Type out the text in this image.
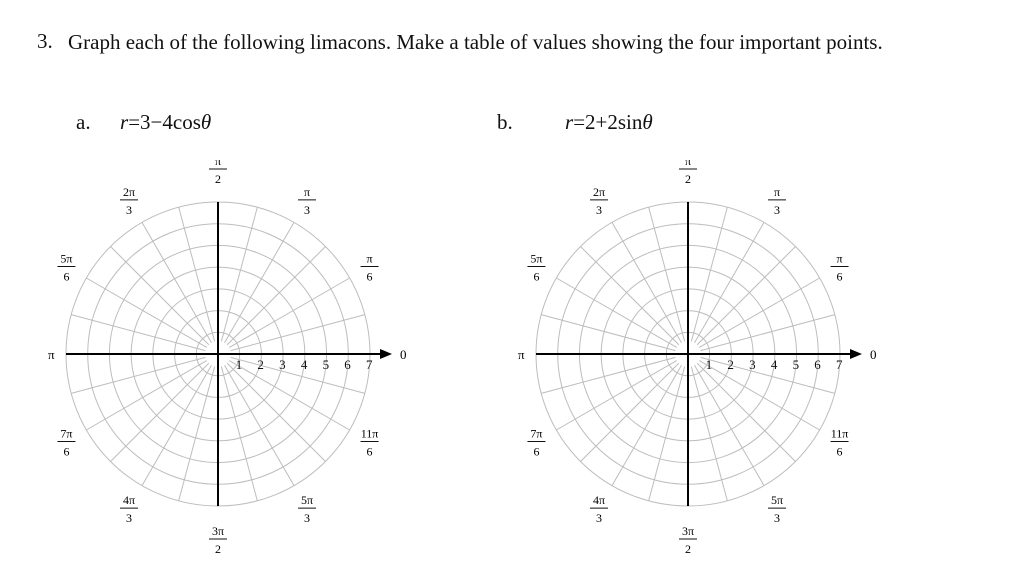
3. Graph each of the following limacons. Make a table of values showing the four important points.
a. r=3−4cosθ	b. r=2+2sinθ
0
π
1 2 3 4 5 6 7
π
2
π
3
2π
3
π
6
5π
6
7π
6
11π
6
4π
3
5π
3
3π
2
0
π
1 2 3 4 5 6 7
π
2
π
3
2π
3
π
6
5π
6
7π
6
11π
6
4π
3
5π
3
3π
2
